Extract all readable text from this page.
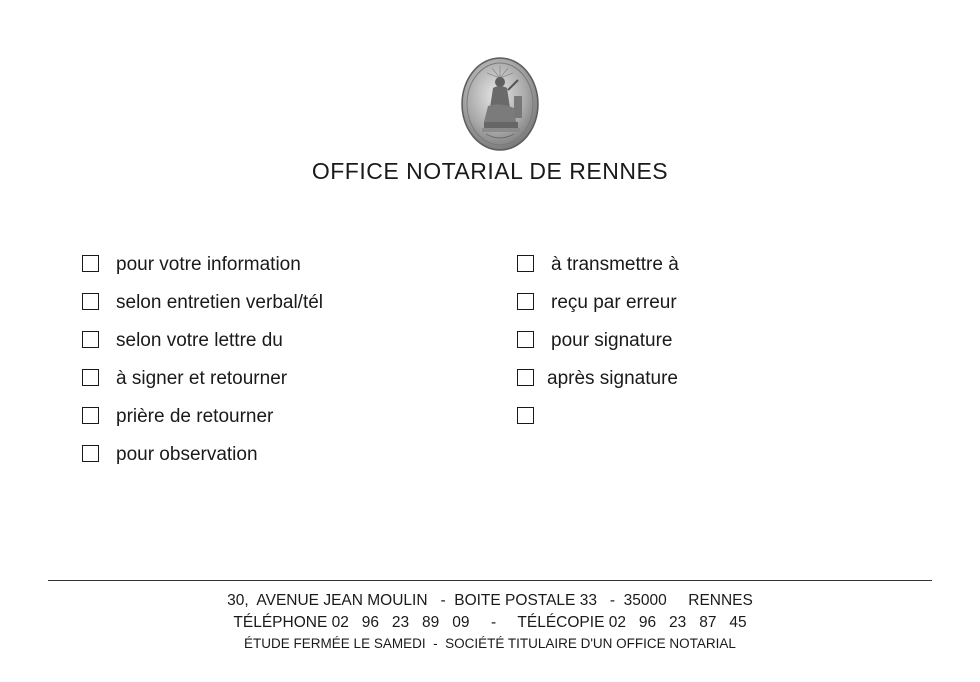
OFFICE NOTARIAL DE RENNES
pour votre information
selon entretien verbal/tél
selon votre lettre du
à signer et retourner
prière de retourner
pour observation
à transmettre à
reçu par erreur
pour signature
après signature
30,  AVENUE JEAN MOULIN   -  BOITE POSTALE 33   -  35000     RENNES
TÉLÉPHONE 02   96   23   89   09     -     TÉLÉCOPIE 02   96   23   87   45
ÉTUDE FERMÉE LE SAMEDI  -  SOCIÉTÉ TITULAIRE D'UN OFFICE NOTARIAL
